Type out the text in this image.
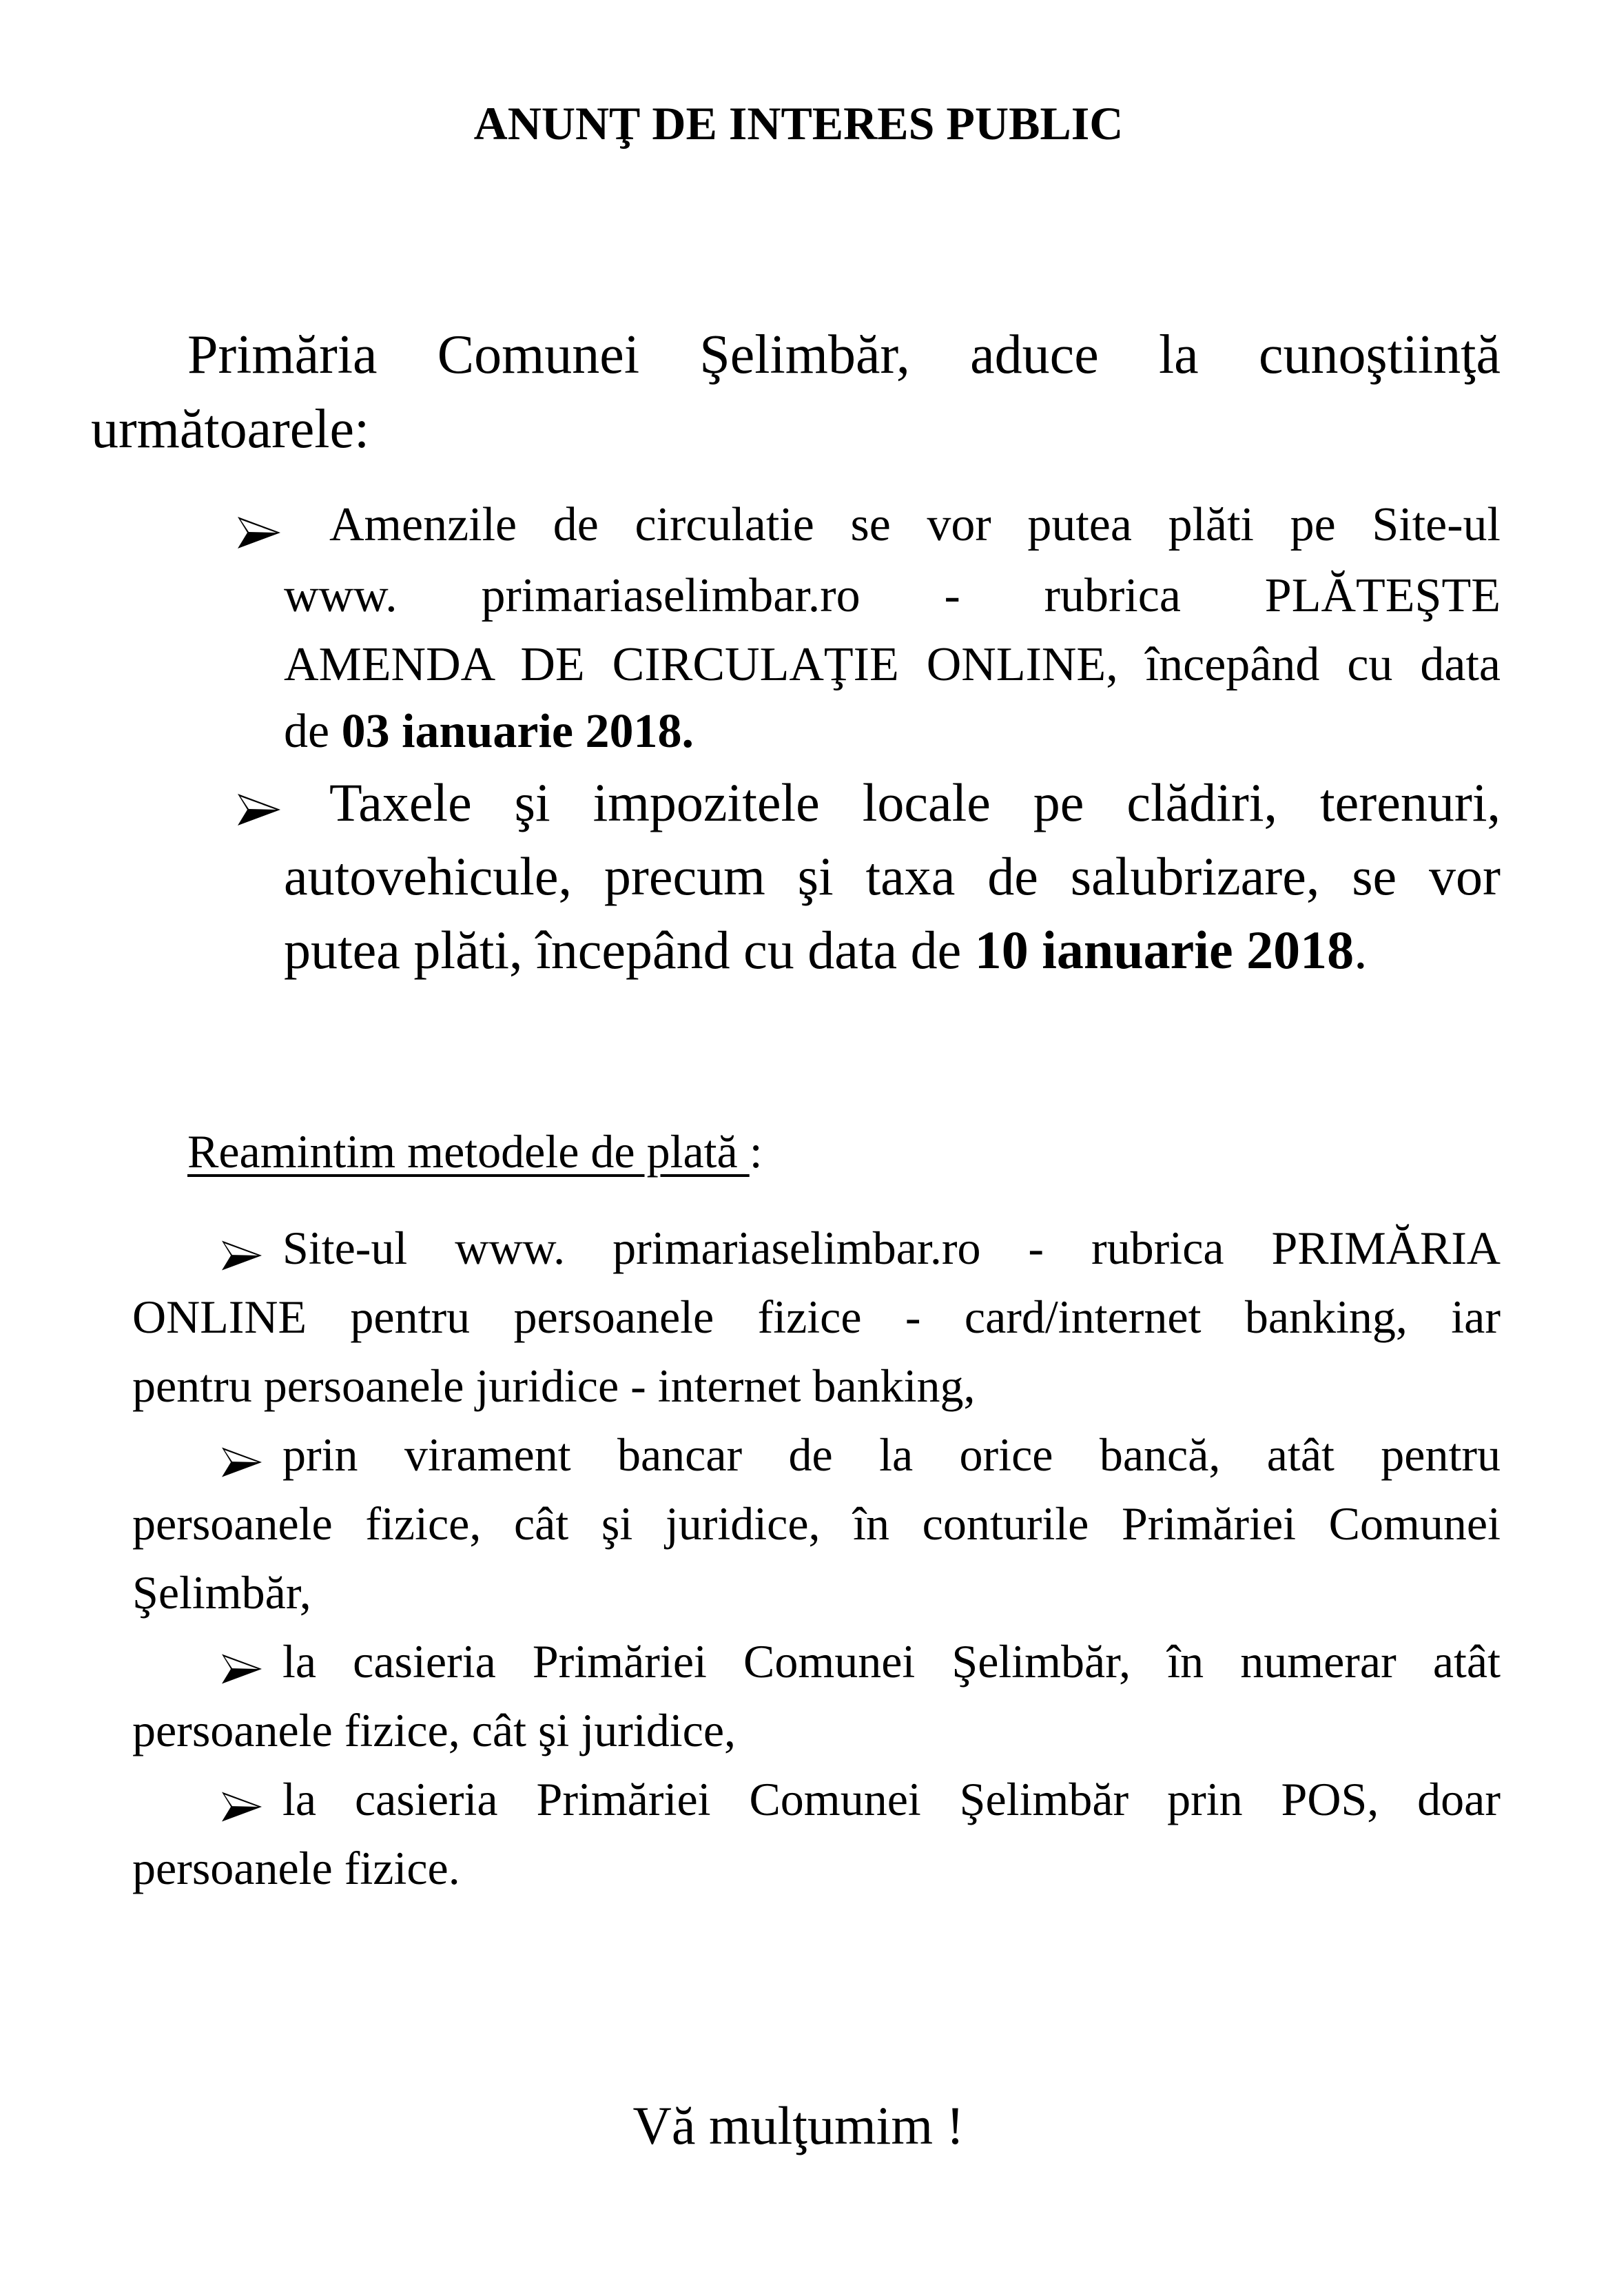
ANUNŢ DE INTERES PUBLIC
Primăria Comunei Şelimbăr, aduce la cunoştiinţă
următoarele:
Amenzile de circulatie se vor putea plăti pe Site-ul
www. primariaselimbar.ro - rubrica PLĂTEŞTE
AMENDA DE CIRCULAŢIE ONLINE, începând cu data
de 03 ianuarie 2018.
Taxele şi impozitele locale pe clădiri, terenuri,
autovehicule, precum şi taxa de salubrizare, se vor
putea plăti, începând cu data de 10 ianuarie 2018.
Reamintim metodele de plată :
Site-ul www. primariaselimbar.ro - rubrica PRIMĂRIA
ONLINE pentru persoanele fizice - card/internet banking, iar
pentru persoanele juridice - internet banking,
prin virament bancar de la orice bancă, atât pentru
persoanele fizice, cât şi juridice, în conturile Primăriei Comunei
Şelimbăr,
la casieria Primăriei Comunei Şelimbăr, în numerar atât
persoanele fizice, cât şi juridice,
la casieria Primăriei Comunei Şelimbăr prin POS, doar
persoanele fizice.
Vă mulţumim !
